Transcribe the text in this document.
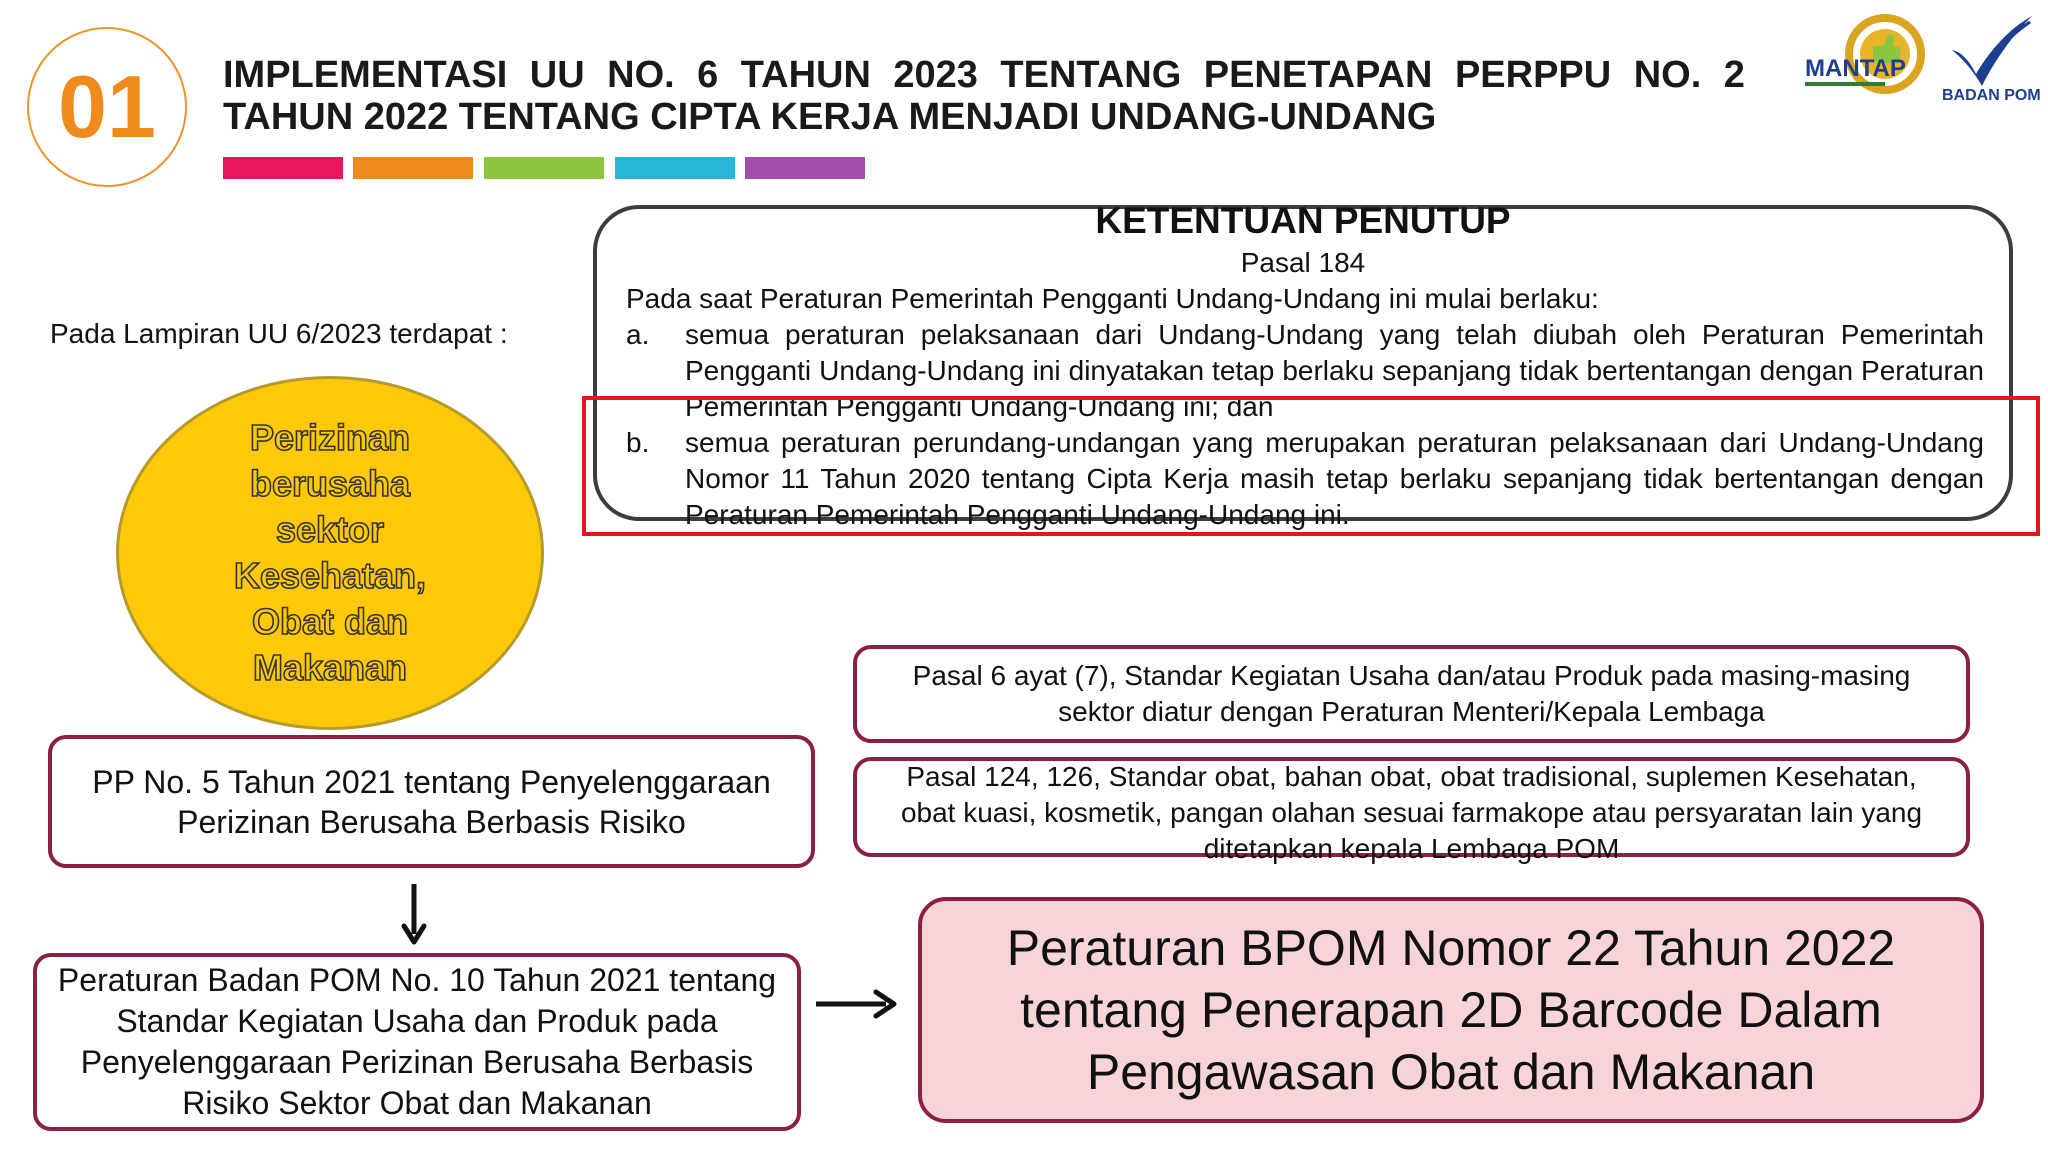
01	IMPLEMENTASI UU NO. 6 TAHUN 2023 TENTANG PENETAPAN PERPPU NO. 2
TAHUN 2022 TENTANG CIPTA KERJA MENJADI UNDANG-UNDANG
MANTAP
BADAN POM
KETENTUAN PENUTUP
Pasal 184
Pada saat Peraturan Pemerintah Pengganti Undang-Undang ini mulai berlaku:
a.	semua peraturan pelaksanaan dari Undang-Undang yang telah diubah oleh Peraturan Pemerintah Pengganti Undang-Undang ini dinyatakan tetap berlaku sepanjang tidak bertentangan dengan Peraturan Pemerintah Pengganti Undang-Undang ini; dan
b.	semua peraturan perundang-undangan yang merupakan peraturan pelaksanaan dari Undang-Undang Nomor 11 Tahun 2020 tentang Cipta Kerja masih tetap berlaku sepanjang tidak bertentangan dengan Peraturan Pemerintah Pengganti Undang-Undang ini.
Pada Lampiran UU 6/2023 terdapat :
Perizinan
berusaha
sektor
Kesehatan,
Obat dan
Makanan
PP No. 5 Tahun 2021 tentang Penyelenggaraan Perizinan Berusaha Berbasis Risiko
Peraturan Badan POM No. 10 Tahun 2021 tentang Standar Kegiatan Usaha dan Produk pada Penyelenggaraan Perizinan Berusaha Berbasis Risiko Sektor Obat dan Makanan
Pasal 6 ayat (7), Standar Kegiatan Usaha dan/atau Produk pada masing-masing sektor diatur dengan Peraturan Menteri/Kepala Lembaga
Pasal 124, 126, Standar obat, bahan obat, obat tradisional, suplemen Kesehatan, obat kuasi, kosmetik, pangan olahan sesuai farmakope atau persyaratan lain yang ditetapkan kepala Lembaga POM
Peraturan BPOM Nomor 22 Tahun 2022 tentang Penerapan 2D Barcode Dalam Pengawasan Obat dan Makanan
